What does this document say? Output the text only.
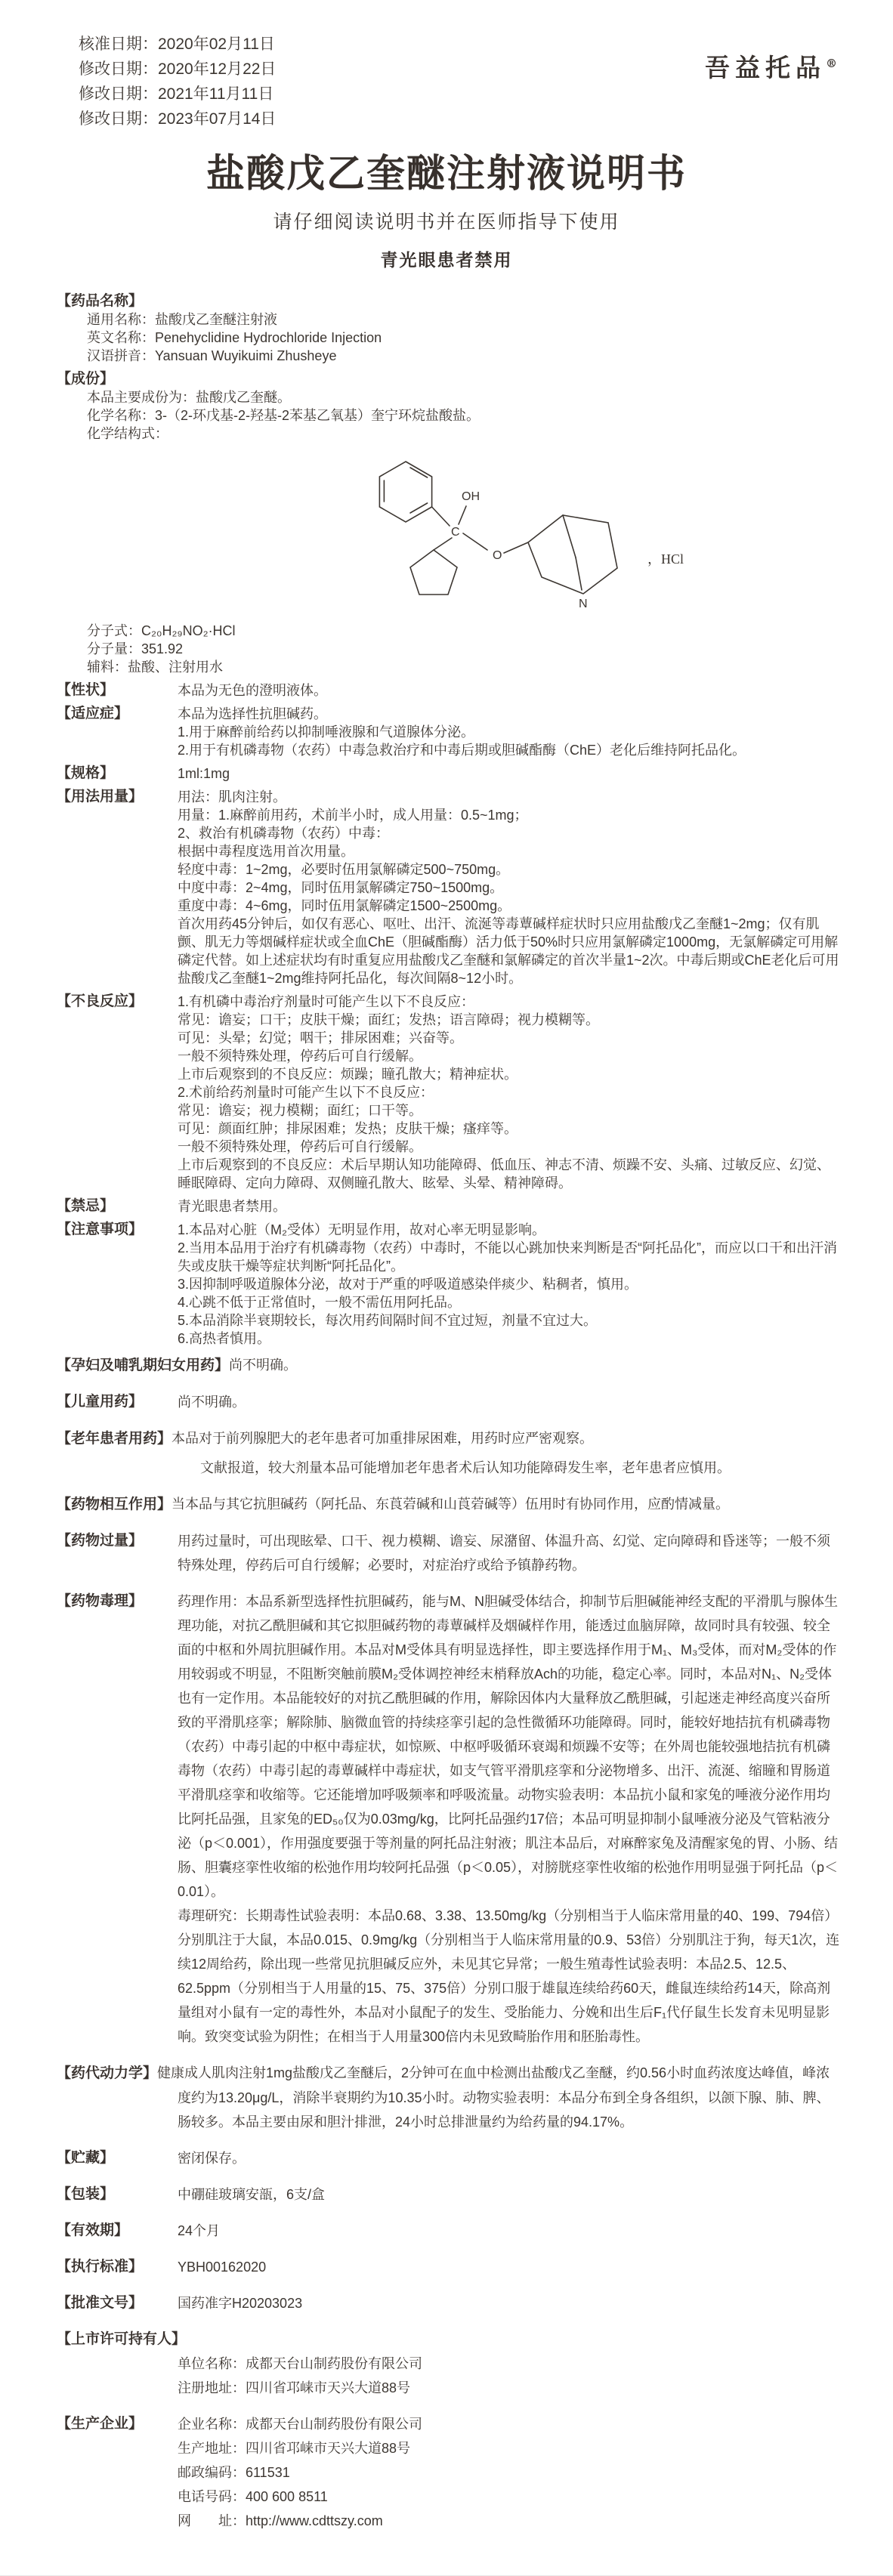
核准日期：2020年02月11日
修改日期：2020年12月22日
修改日期：2021年11月11日
修改日期：2023年07月14日
吾益托品®
盐酸戊乙奎醚注射液说明书
请仔细阅读说明书并在医师指导下使用
青光眼患者禁用
【药品名称】
通用名称：盐酸戊乙奎醚注射液
英文名称：Penehyclidine Hydrochloride Injection
汉语拼音：Yansuan Wuyikuimi Zhusheye
【成份】
本品主要成份为：盐酸戊乙奎醚。
化学名称：3-（2-环戊基-2-羟基-2苯基乙氧基）奎宁环烷盐酸盐。
化学结构式：
C
OH
O
N
，HCl
分子式：C₂₀H₂₉NO₂·HCl
分子量：351.92
辅料：盐酸、注射用水
【性状】	本品为无色的澄明液体。
【适应症】	本品为选择性抗胆碱药。
1.用于麻醉前给药以抑制唾液腺和气道腺体分泌。
2.用于有机磷毒物（农药）中毒急救治疗和中毒后期或胆碱酯酶（ChE）老化后维持阿托品化。
【规格】	1ml:1mg
【用法用量】	用法：肌肉注射。
用量：1.麻醉前用药，术前半小时，成人用量：0.5~1mg；
2、救治有机磷毒物（农药）中毒：
根据中毒程度选用首次用量。
轻度中毒：1~2mg，必要时伍用氯解磷定500~750mg。
中度中毒：2~4mg，同时伍用氯解磷定750~1500mg。
重度中毒：4~6mg，同时伍用氯解磷定1500~2500mg。
首次用药45分钟后，如仅有恶心、呕吐、出汗、流涎等毒蕈碱样症状时只应用盐酸戊乙奎醚1~2mg；仅有肌颤、肌无力等烟碱样症状或全血ChE（胆碱酯酶）活力低于50%时只应用氯解磷定1000mg，无氯解磷定可用解磷定代替。如上述症状均有时重复应用盐酸戊乙奎醚和氯解磷定的首次半量1~2次。中毒后期或ChE老化后可用盐酸戊乙奎醚1~2mg维持阿托品化，每次间隔8~12小时。
【不良反应】	1.有机磷中毒治疗剂量时可能产生以下不良反应：
常见：谵妄；口干；皮肤干燥；面红；发热；语言障碍；视力模糊等。
可见：头晕；幻觉；咽干；排尿困难；兴奋等。
一般不须特殊处理，停药后可自行缓解。
上市后观察到的不良反应：烦躁；瞳孔散大；精神症状。
2.术前给药剂量时可能产生以下不良反应：
常见：谵妄；视力模糊；面红；口干等。
可见：颜面红肿；排尿困难；发热；皮肤干燥；瘙痒等。
一般不须特殊处理，停药后可自行缓解。
上市后观察到的不良反应：术后早期认知功能障碍、低血压、神志不清、烦躁不安、头痛、过敏反应、幻觉、睡眠障碍、定向力障碍、双侧瞳孔散大、眩晕、头晕、精神障碍。
【禁忌】	青光眼患者禁用。
【注意事项】	1.本品对心脏（M₂受体）无明显作用，故对心率无明显影响。
2.当用本品用于治疗有机磷毒物（农药）中毒时，不能以心跳加快来判断是否“阿托品化”，而应以口干和出汗消失或皮肤干燥等症状判断“阿托品化”。
3.因抑制呼吸道腺体分泌，故对于严重的呼吸道感染伴痰少、粘稠者，慎用。
4.心跳不低于正常值时，一般不需伍用阿托品。
5.本品消除半衰期较长，每次用药间隔时间不宜过短，剂量不宜过大。
6.高热者慎用。
【孕妇及哺乳期妇女用药】尚不明确。
【儿童用药】	尚不明确。
【老年患者用药】本品对于前列腺肥大的老年患者可加重排尿困难，用药时应严密观察。
文献报道，较大剂量本品可能增加老年患者术后认知功能障碍发生率，老年患者应慎用。
【药物相互作用】当本品与其它抗胆碱药（阿托品、东莨菪碱和山莨菪碱等）伍用时有协同作用，应酌情减量。
【药物过量】	用药过量时，可出现眩晕、口干、视力模糊、谵妄、尿潴留、体温升高、幻觉、定向障碍和昏迷等；一般不须特殊处理，停药后可自行缓解；必要时，对症治疗或给予镇静药物。
【药物毒理】	药理作用：本品系新型选择性抗胆碱药，能与M、N胆碱受体结合，抑制节后胆碱能神经支配的平滑肌与腺体生理功能，对抗乙酰胆碱和其它拟胆碱药物的毒蕈碱样及烟碱样作用，能透过血脑屏障，故同时具有较强、较全面的中枢和外周抗胆碱作用。本品对M受体具有明显选择性，即主要选择作用于M₁、M₃受体，而对M₂受体的作用较弱或不明显，不阻断突触前膜M₂受体调控神经末梢释放Ach的功能，稳定心率。同时，本品对N₁、N₂受体也有一定作用。本品能较好的对抗乙酰胆碱的作用，解除因体内大量释放乙酰胆碱，引起迷走神经高度兴奋所致的平滑肌痉挛；解除肺、脑微血管的持续痉挛引起的急性微循环功能障碍。同时，能较好地拮抗有机磷毒物（农药）中毒引起的中枢中毒症状，如惊厥、中枢呼吸循环衰竭和烦躁不安等；在外周也能较强地拮抗有机磷毒物（农药）中毒引起的毒蕈碱样中毒症状，如支气管平滑肌痉挛和分泌物增多、出汗、流涎、缩瞳和胃肠道平滑肌痉挛和收缩等。它还能增加呼吸频率和呼吸流量。动物实验表明：本品抗小鼠和家兔的唾液分泌作用均比阿托品强，且家兔的ED₅₀仅为0.03mg/kg，比阿托品强约17倍；本品可明显抑制小鼠唾液分泌及气管粘液分泌（p＜0.001），作用强度要强于等剂量的阿托品注射液；肌注本品后，对麻醉家兔及清醒家兔的胃、小肠、结肠、胆囊痉挛性收缩的松弛作用均较阿托品强（p＜0.05），对膀胱痉挛性收缩的松弛作用明显强于阿托品（p＜0.01）。
毒理研究：长期毒性试验表明：本品0.68、3.38、13.50mg/kg（分别相当于人临床常用量的40、199、794倍）分别肌注于大鼠，本品0.015、0.9mg/kg（分别相当于人临床常用量的0.9、53倍）分别肌注于狗，每天1次，连续12周给药，除出现一些常见抗胆碱反应外，未见其它异常；一般生殖毒性试验表明：本品2.5、12.5、62.5ppm（分别相当于人用量的15、75、375倍）分别口服于雄鼠连续给药60天，雌鼠连续给药14天，除高剂量组对小鼠有一定的毒性外，本品对小鼠配子的发生、受胎能力、分娩和出生后F₁代仔鼠生长发育未见明显影响。致突变试验为阴性；在相当于人用量300倍内未见致畸胎作用和胚胎毒性。
【药代动力学】健康成人肌肉注射1mg盐酸戊乙奎醚后，2分钟可在血中检测出盐酸戊乙奎醚，约0.56小时血药浓度达峰值，峰浓度约为13.20μg/L，消除半衰期约为10.35小时。动物实验表明：本品分布到全身各组织，以颌下腺、肺、脾、肠较多。本品主要由尿和胆汁排泄，24小时总排泄量约为给药量的94.17%。
【贮藏】	密闭保存。
【包装】	中硼硅玻璃安瓿，6支/盒
【有效期】	24个月
【执行标准】	YBH00162020
【批准文号】	国药准字H20203023
【上市许可持有人】
单位名称：成都天台山制药股份有限公司
注册地址：四川省邛崃市天兴大道88号
【生产企业】	企业名称：成都天台山制药股份有限公司
生产地址：四川省邛崃市天兴大道88号
邮政编码：611531
电话号码：400 600 8511
网　　址：http://www.cdttszy.com
